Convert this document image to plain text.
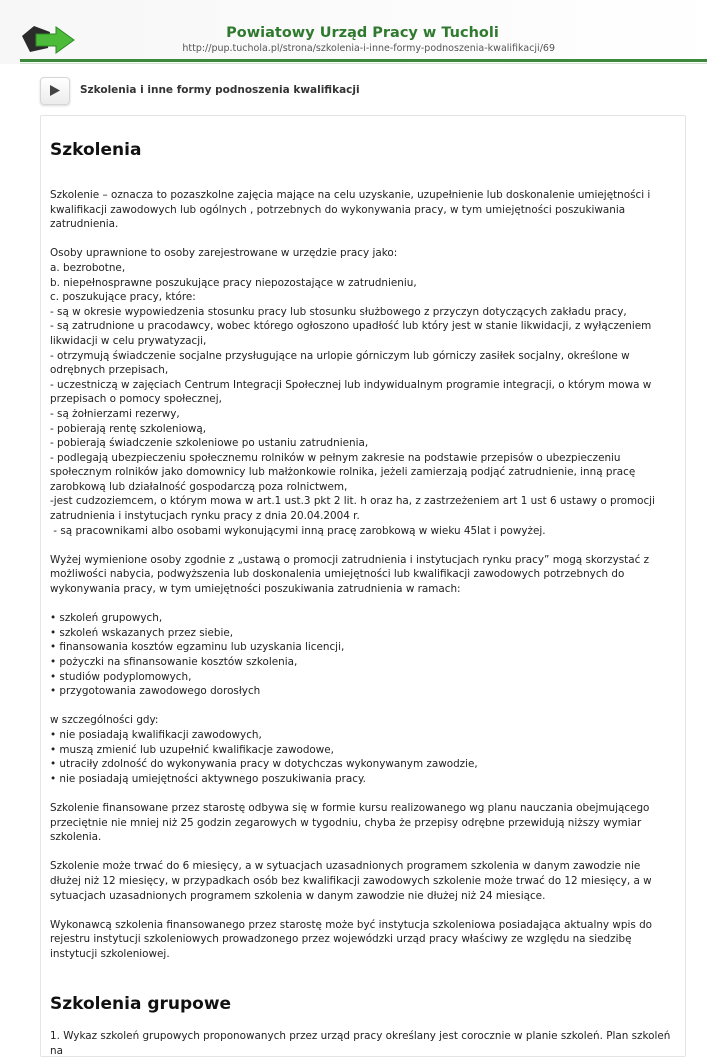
Powiatowy Urząd Pracy w Tucholi
http://pup.tuchola.pl/strona/szkolenia-i-inne-formy-podnoszenia-kwalifikacji/69
Szkolenia i inne formy podnoszenia kwalifikacji
Szkolenia

Szkolenie – oznacza to pozaszkolne zajęcia mające na celu uzyskanie, uzupełnienie lub doskonalenie umiejętności i kwalifikacji zawodowych lub ogólnych , potrzebnych do wykonywania pracy, w tym umiejętności poszukiwania zatrudnienia.

Osoby uprawnione to osoby zarejestrowane w urzędzie pracy jako:

a. bezrobotne,
b. niepełnosprawne poszukujące pracy niepozostające w zatrudnieniu,
c. poszukujące pracy, które:
- są w okresie wypowiedzenia stosunku pracy lub stosunku służbowego z przyczyn dotyczących zakładu pracy,
- są zatrudnione u pracodawcy, wobec którego ogłoszono upadłość lub który jest w stanie likwidacji, z wyłączeniem likwidacji w celu prywatyzacji,
- otrzymują świadczenie socjalne przysługujące na urlopie górniczym lub górniczy zasiłek socjalny, określone w odrębnych przepisach,
- uczestniczą w zajęciach Centrum Integracji Społecznej lub indywidualnym programie integracji, o którym mowa w przepisach o pomocy społecznej,
- są żołnierzami rezerwy,
- pobierają rentę szkoleniową,
- pobierają świadczenie szkoleniowe po ustaniu zatrudnienia,
- podlegają ubezpieczeniu społecznemu rolników w pełnym zakresie na podstawie przepisów o ubezpieczeniu społecznym rolników jako domownicy lub małżonkowie rolnika, jeżeli zamierzają podjąć zatrudnienie, inną pracę zarobkową lub działalność gospodarczą poza rolnictwem,
-jest cudzoziemcem, o którym mowa w art.1 ust.3 pkt 2 lit. h oraz ha, z zastrzeżeniem art 1 ust 6 ustawy o promocji zatrudnienia i instytucjach rynku pracy z dnia 20.04.2004 r.
- są pracownikami albo osobami wykonującymi inną pracę zarobkową w wieku 45lat i powyżej.

Wyżej wymienione osoby zgodnie z „ustawą o promocji zatrudnienia i instytucjach rynku pracy” mogą skorzystać z możliwości nabycia, podwyższenia lub doskonalenia umiejętności lub kwalifikacji zawodowych potrzebnych do wykonywania pracy, w tym umiejętności poszukiwania zatrudnienia w ramach:

• szkoleń grupowych,
• szkoleń wskazanych przez siebie,
• finansowania kosztów egzaminu lub uzyskania licencji,
• pożyczki na sfinansowanie kosztów szkolenia,
• studiów podyplomowych,
• przygotowania zawodowego dorosłych

w szczególności gdy:

• nie posiadają kwalifikacji zawodowych,
• muszą zmienić lub uzupełnić kwalifikacje zawodowe,
• utraciły zdolność do wykonywania pracy w dotychczas wykonywanym zawodzie,
• nie posiadają umiejętności aktywnego poszukiwania pracy.

Szkolenie finansowane przez starostę odbywa się w formie kursu realizowanego wg planu nauczania obejmującego przeciętnie nie mniej niż 25 godzin zegarowych w tygodniu, chyba że przepisy odrębne przewidują niższy wymiar szkolenia.

Szkolenie może trwać do 6 miesięcy, a w sytuacjach uzasadnionych programem szkolenia w danym zawodzie nie dłużej niż 12 miesięcy, w przypadkach osób bez kwalifikacji zawodowych szkolenie może trwać do 12 miesięcy, a w sytuacjach uzasadnionych programem szkolenia w danym zawodzie nie dłużej niż 24 miesiące.

Wykonawcą szkolenia finansowanego przez starostę może być instytucja szkoleniowa posiadająca aktualny wpis do rejestru instytucji szkoleniowych prowadzonego przez wojewódzki urząd pracy właściwy ze względu na siedzibę instytucji szkoleniowej.

Szkolenia grupowe

1. Wykaz szkoleń grupowych proponowanych przez urząd pracy określany jest corocznie w planie szkoleń. Plan szkoleń na
